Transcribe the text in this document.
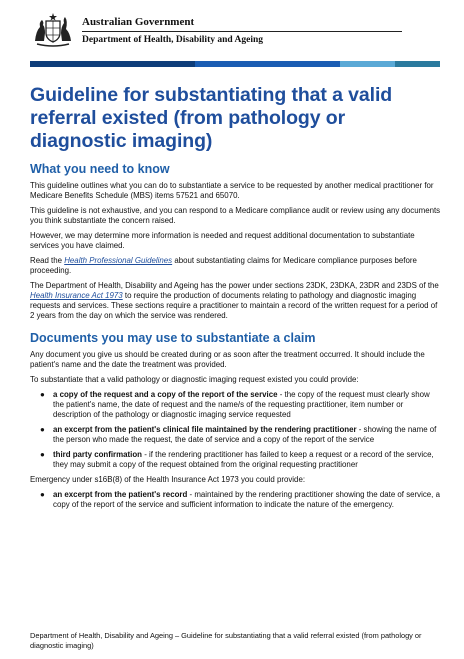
Australian Government
Department of Health, Disability and Ageing
Guideline for substantiating that a valid referral existed (from pathology or diagnostic imaging)
What you need to know

This guideline outlines what you can do to substantiate a service to be requested by another medical practitioner for Medicare Benefits Schedule (MBS) items 57521 and 65070.

This guideline is not exhaustive, and you can respond to a Medicare compliance audit or review using any documents you think substantiate the concern raised.

However, we may determine more information is needed and request additional documentation to substantiate services you have claimed.

Read the Health Professional Guidelines about substantiating claims for Medicare compliance purposes before proceeding.

The Department of Health, Disability and Ageing has the power under sections 23DK, 23DKA, 23DR and 23DS of the Health Insurance Act 1973 to require the production of documents relating to pathology and diagnostic imaging requests and services. These sections require a practitioner to maintain a record of the written request for a period of 2 years from the day on which the service was rendered.

Documents you may use to substantiate a claim

Any document you give us should be created during or as soon after the treatment occurred. It should include the patient's name and the date the treatment was provided.

To substantiate that a valid pathology or diagnostic imaging request existed you could provide:

● a copy of the request and a copy of the report of the service - the copy of the request must clearly show the patient's name, the date of request and the name/s of the requesting practitioner, item number or description of the pathology or diagnostic imaging service requested
● an excerpt from the patient's clinical file maintained by the rendering practitioner - showing the name of the person who made the request, the date of service and a copy of the report of the service
● third party confirmation - if the rendering practitioner has failed to keep a request or a record of the service, they may submit a copy of the request obtained from the original requesting practitioner

Emergency under s16B(8) of the Health Insurance Act 1973 you could provide:

● an excerpt from the patient's record - maintained by the rendering practitioner showing the date of service, a copy of the report of the service and sufficient information to indicate the nature of the emergency.
Department of Health, Disability and Ageing – Guideline for substantiating that a valid referral existed (from pathology or diagnostic imaging)
